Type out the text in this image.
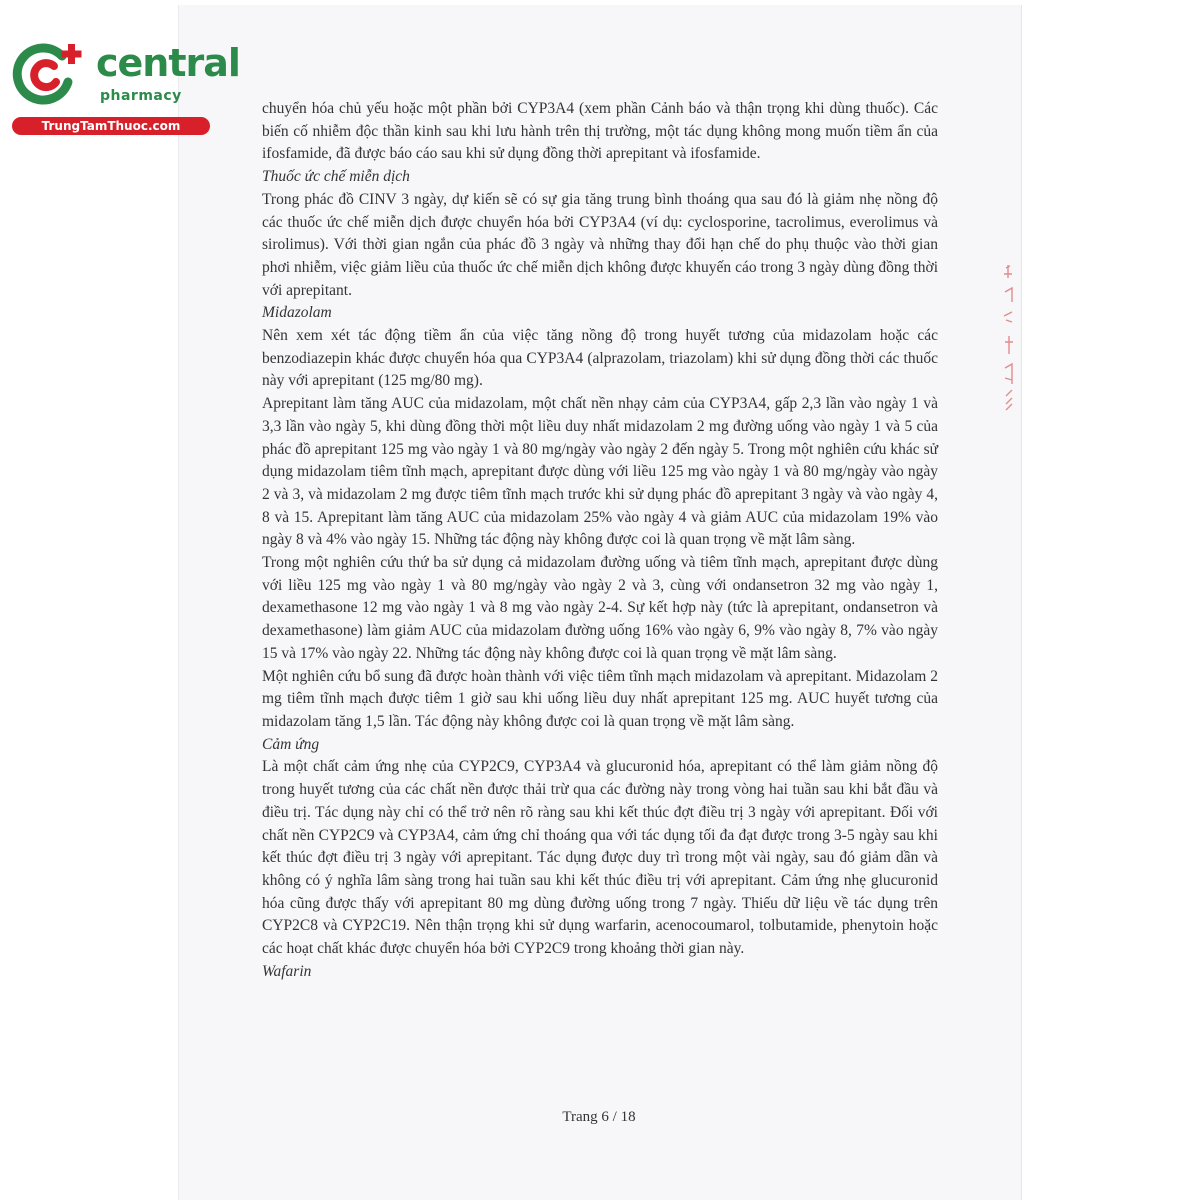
central
pharmacy
TrungTamThuoc.com

chuyển hóa chủ yếu hoặc một phần bởi CYP3A4 (xem phần Cảnh báo và thận trọng khi dùng thuốc). Các biến cố nhiễm độc thần kinh sau khi lưu hành trên thị trường, một tác dụng không mong muốn tiềm ẩn của ifosfamide, đã được báo cáo sau khi sử dụng đồng thời aprepitant và ifosfamide.

Thuốc ức chế miễn dịch

Trong phác đồ CINV 3 ngày, dự kiến sẽ có sự gia tăng trung bình thoáng qua sau đó là giảm nhẹ nồng độ các thuốc ức chế miễn dịch được chuyển hóa bởi CYP3A4 (ví dụ: cyclosporine, tacrolimus, everolimus và sirolimus). Với thời gian ngắn của phác đồ 3 ngày và những thay đổi hạn chế do phụ thuộc vào thời gian phơi nhiễm, việc giảm liều của thuốc ức chế miễn dịch không được khuyến cáo trong 3 ngày dùng đồng thời với aprepitant.

Midazolam

Nên xem xét tác động tiềm ẩn của việc tăng nồng độ trong huyết tương của midazolam hoặc các benzodiazepin khác được chuyển hóa qua CYP3A4 (alprazolam, triazolam) khi sử dụng đồng thời các thuốc này với aprepitant (125 mg/80 mg).

Aprepitant làm tăng AUC của midazolam, một chất nền nhạy cảm của CYP3A4, gấp 2,3 lần vào ngày 1 và 3,3 lần vào ngày 5, khi dùng đồng thời một liều duy nhất midazolam 2 mg đường uống vào ngày 1 và 5 của phác đồ aprepitant 125 mg vào ngày 1 và 80 mg/ngày vào ngày 2 đến ngày 5. Trong một nghiên cứu khác sử dụng midazolam tiêm tĩnh mạch, aprepitant được dùng với liều 125 mg vào ngày 1 và 80 mg/ngày vào ngày 2 và 3, và midazolam 2 mg được tiêm tĩnh mạch trước khi sử dụng phác đồ aprepitant 3 ngày và vào ngày 4, 8 và 15. Aprepitant làm tăng AUC của midazolam 25% vào ngày 4 và giảm AUC của midazolam 19% vào ngày 8 và 4% vào ngày 15. Những tác động này không được coi là quan trọng về mặt lâm sàng.

Trong một nghiên cứu thứ ba sử dụng cả midazolam đường uống và tiêm tĩnh mạch, aprepitant được dùng với liều 125 mg vào ngày 1 và 80 mg/ngày vào ngày 2 và 3, cùng với ondansetron 32 mg vào ngày 1, dexamethasone 12 mg vào ngày 1 và 8 mg vào ngày 2-4. Sự kết hợp này (tức là aprepitant, ondansetron và dexamethasone) làm giảm AUC của midazolam đường uống 16% vào ngày 6, 9% vào ngày 8, 7% vào ngày 15 và 17% vào ngày 22. Những tác động này không được coi là quan trọng về mặt lâm sàng.

Một nghiên cứu bổ sung đã được hoàn thành với việc tiêm tĩnh mạch midazolam và aprepitant. Midazolam 2 mg tiêm tĩnh mạch được tiêm 1 giờ sau khi uống liều duy nhất aprepitant 125 mg. AUC huyết tương của midazolam tăng 1,5 lần. Tác động này không được coi là quan trọng về mặt lâm sàng.

Cảm ứng

Là một chất cảm ứng nhẹ của CYP2C9, CYP3A4 và glucuronid hóa, aprepitant có thể làm giảm nồng độ trong huyết tương của các chất nền được thải trừ qua các đường này trong vòng hai tuần sau khi bắt đầu và điều trị. Tác dụng này chỉ có thể trở nên rõ ràng sau khi kết thúc đợt điều trị 3 ngày với aprepitant. Đối với chất nền CYP2C9 và CYP3A4, cảm ứng chỉ thoáng qua với tác dụng tối đa đạt được trong 3-5 ngày sau khi kết thúc đợt điều trị 3 ngày với aprepitant. Tác dụng được duy trì trong một vài ngày, sau đó giảm dần và không có ý nghĩa lâm sàng trong hai tuần sau khi kết thúc điều trị với aprepitant. Cảm ứng nhẹ glucuronid hóa cũng được thấy với aprepitant 80 mg dùng đường uống trong 7 ngày. Thiếu dữ liệu về tác dụng trên CYP2C8 và CYP2C19. Nên thận trọng khi sử dụng warfarin, acenocoumarol, tolbutamide, phenytoin hoặc các hoạt chất khác được chuyển hóa bởi CYP2C9 trong khoảng thời gian này.

Wafarin

Trang 6 / 18
